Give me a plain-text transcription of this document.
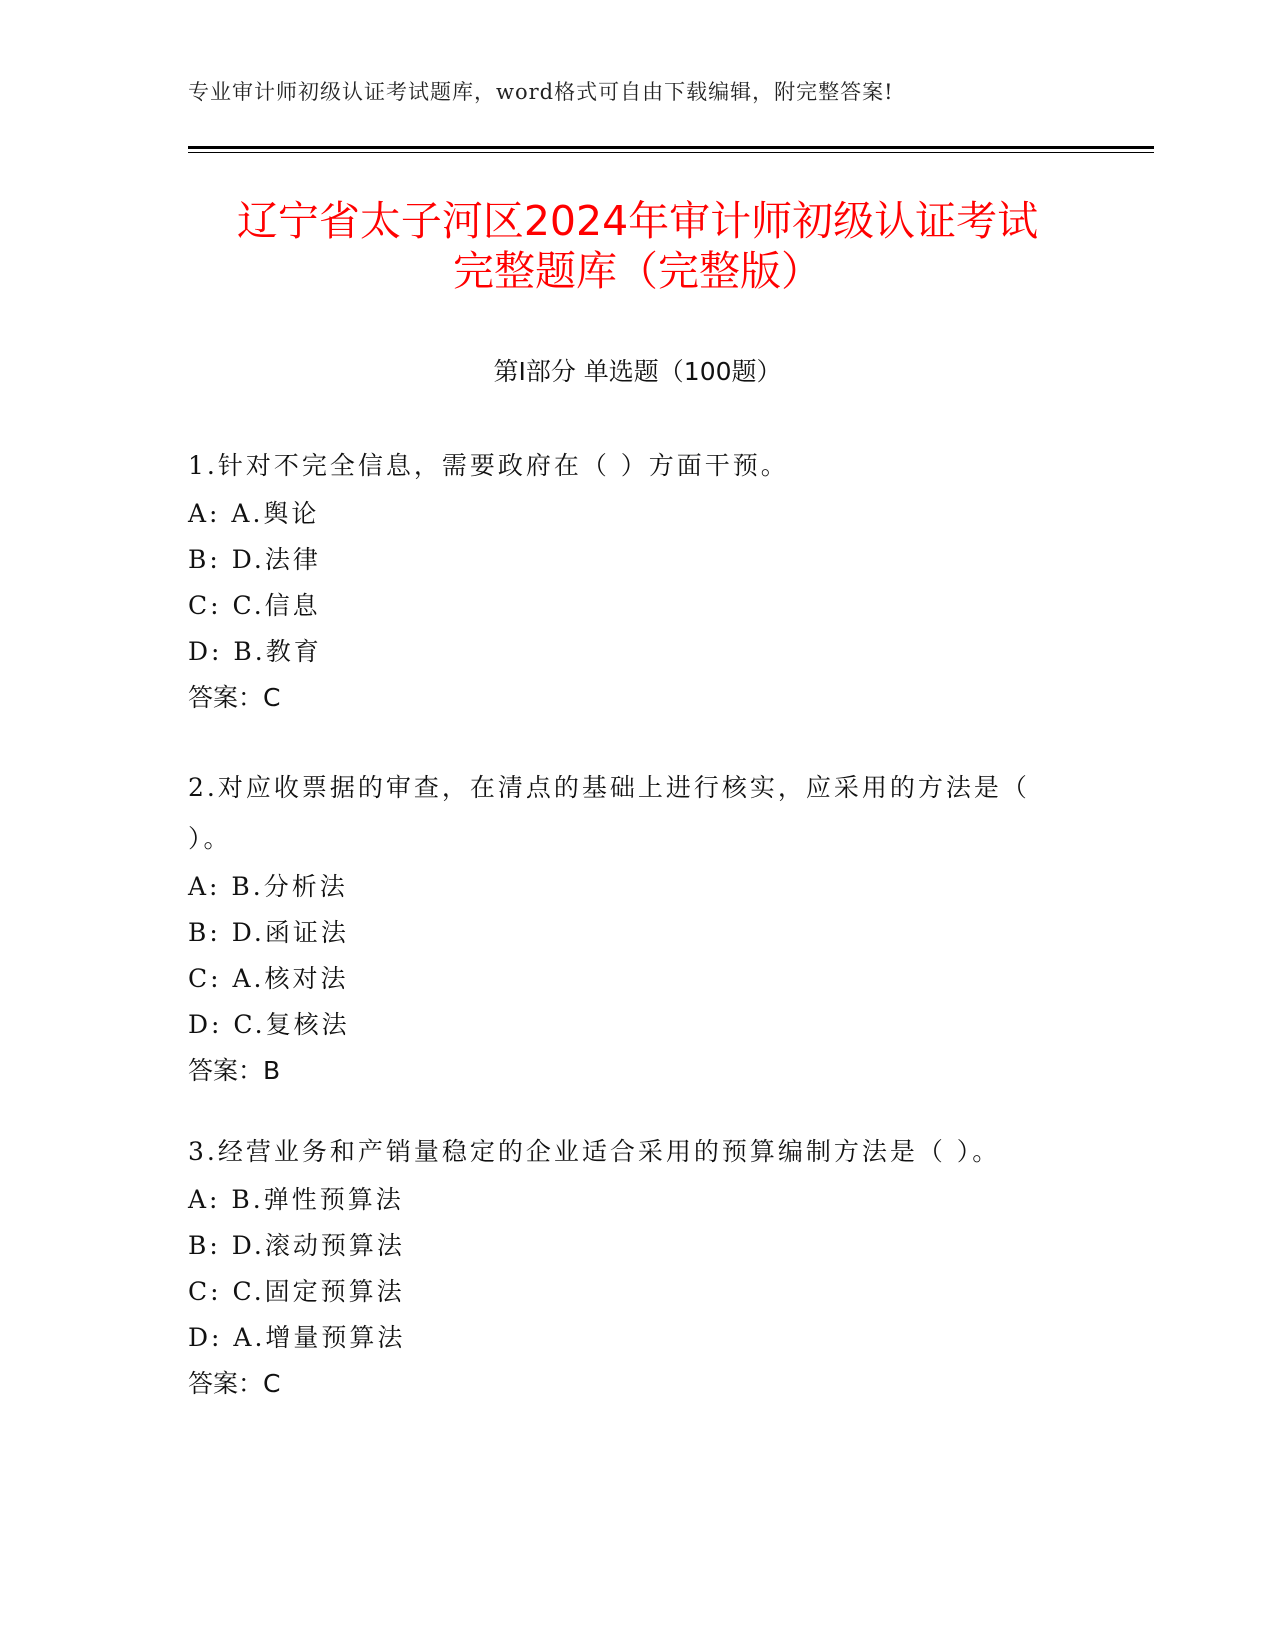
专业审计师初级认证考试题库，word格式可自由下载编辑，附完整答案!
辽宁省太子河区2024年审计师初级认证考试
完整题库（完整版）
第Ⅰ部分 单选题（100题）

1.针对不完全信息，需要政府在（ ）方面干预。

A: A.舆论

B: D.法律

C: C.信息

D: B.教育

答案：C

2.对应收票据的审查，在清点的基础上进行核实，应采用的方法是（ ）。

A: B.分析法

B: D.函证法

C: A.核对法

D: C.复核法

答案：B

3.经营业务和产销量稳定的企业适合采用的预算编制方法是（ ）。

A: B.弹性预算法

B: D.滚动预算法

C: C.固定预算法

D: A.增量预算法

答案：C
